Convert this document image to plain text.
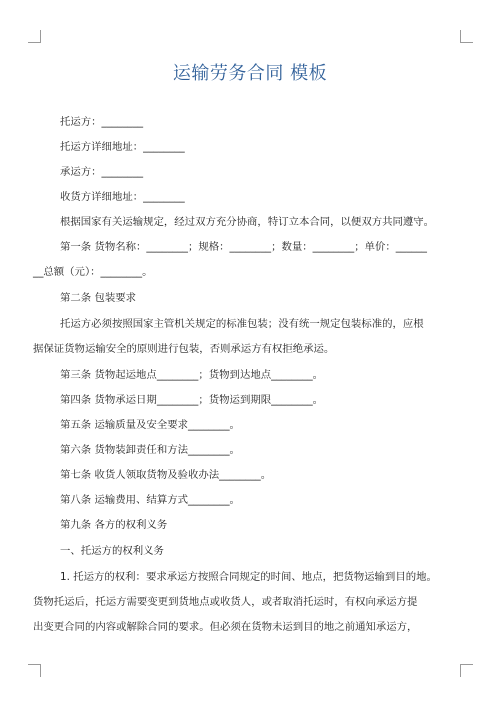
运输劳务合同 模板
托运方：________
托运方详细地址：________
承运方：________
收货方详细地址：________
根据国家有关运输规定，经过双方充分协商，特订立本合同，以便双方共同遵守。
第一条 货物名称：________；规格：________；数量：________；单价：______
__总额（元）：________。
第二条 包装要求
托运方必须按照国家主管机关规定的标准包装；没有统一规定包装标准的，应根
据保证货物运输安全的原则进行包装，否则承运方有权拒绝承运。
第三条 货物起运地点________；货物到达地点________。
第四条 货物承运日期________；货物运到期限________。
第五条 运输质量及安全要求________。
第六条 货物装卸责任和方法________。
第七条 收货人领取货物及验收办法________。
第八条 运输费用、结算方式________。
第九条 各方的权利义务
一、托运方的权利义务
1. 托运方的权利：要求承运方按照合同规定的时间、地点，把货物运输到目的地。
货物托运后，托运方需要变更到货地点或收货人，或者取消托运时，有权向承运方提
出变更合同的内容或解除合同的要求。但必须在货物未运到目的地之前通知承运方，
